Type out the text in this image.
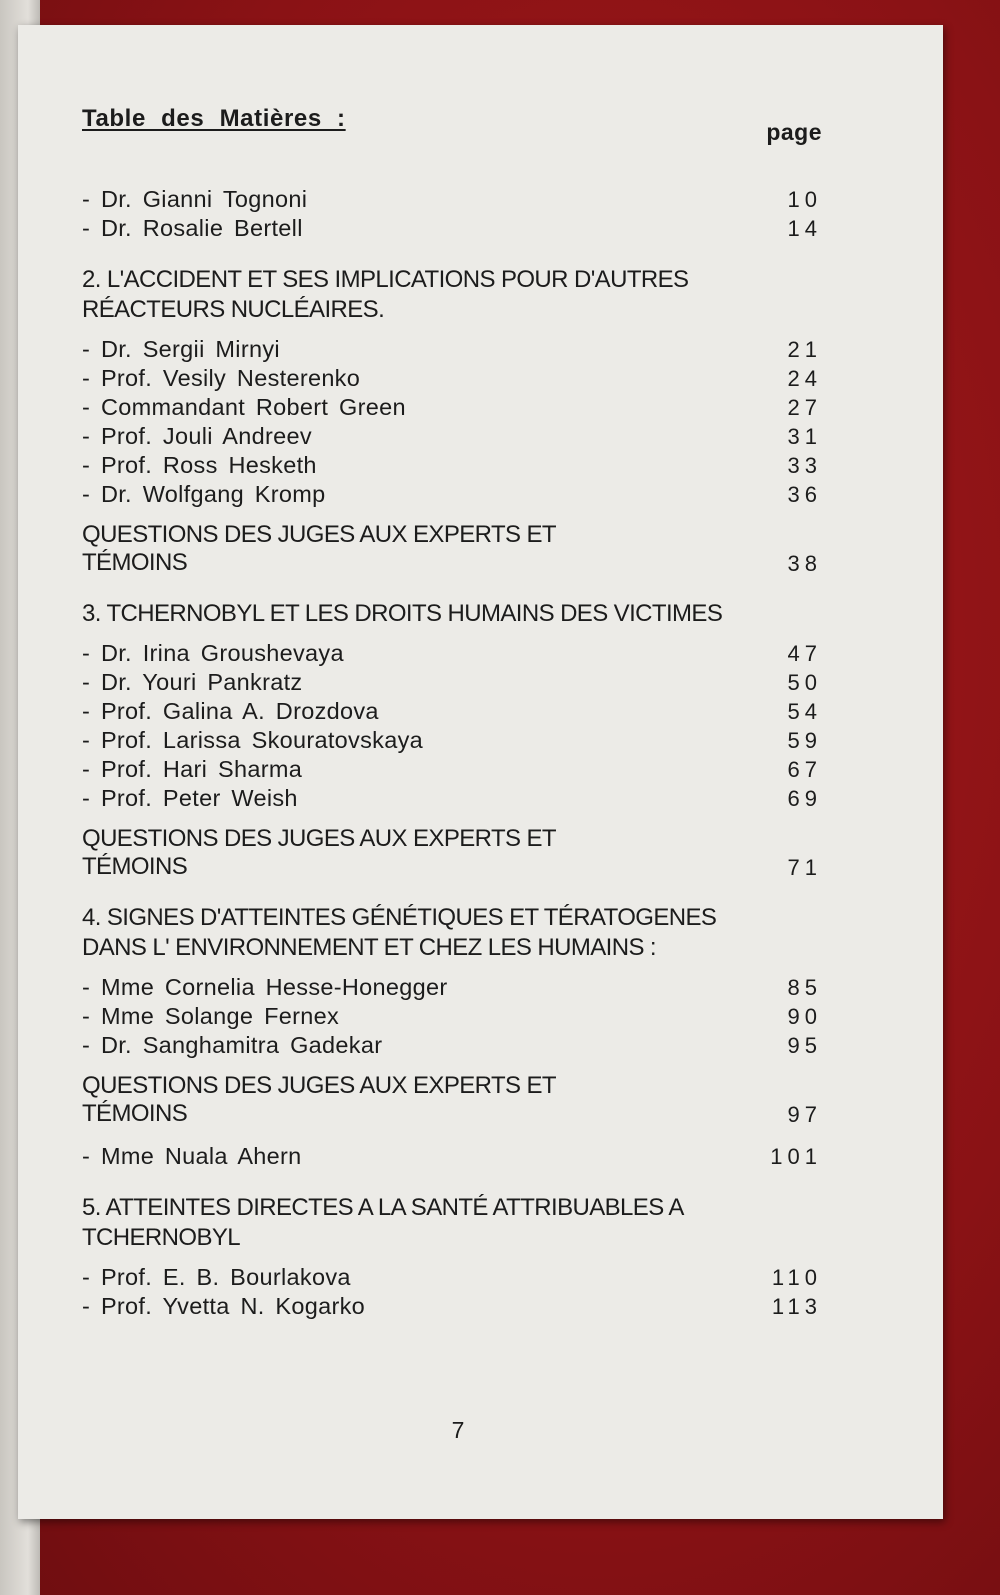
Table des Matières :	page
- Dr. Gianni Tognoni	10
- Dr. Rosalie Bertell	14
2. L'ACCIDENT ET SES IMPLICATIONS POUR D'AUTRES RÉACTEURS NUCLÉAIRES.
- Dr. Sergii Mirnyi	21
- Prof. Vesily Nesterenko	24
- Commandant Robert Green	27
- Prof. Jouli Andreev	31
- Prof. Ross Hesketh	33
- Dr. Wolfgang Kromp	36
QUESTIONS DES JUGES AUX EXPERTS ET TÉMOINS	38
3. TCHERNOBYL ET LES DROITS HUMAINS DES VICTIMES
- Dr. Irina Groushevaya	47
- Dr. Youri Pankratz	50
- Prof. Galina A. Drozdova	54
- Prof. Larissa Skouratovskaya	59
- Prof. Hari Sharma	67
- Prof. Peter Weish	69
QUESTIONS DES JUGES AUX EXPERTS ET TÉMOINS	71
4. SIGNES D'ATTEINTES GÉNÉTIQUES ET TÉRATOGENES DANS L' ENVIRONNEMENT ET CHEZ LES HUMAINS :
- Mme Cornelia Hesse-Honegger	85
- Mme Solange Fernex	90
- Dr. Sanghamitra Gadekar	95
QUESTIONS DES JUGES AUX EXPERTS ET TÉMOINS	97
- Mme Nuala Ahern	101
5. ATTEINTES DIRECTES A LA SANTÉ ATTRIBUABLES A TCHERNOBYL
- Prof. E. B. Bourlakova	110
- Prof. Yvetta N. Kogarko	113
7
